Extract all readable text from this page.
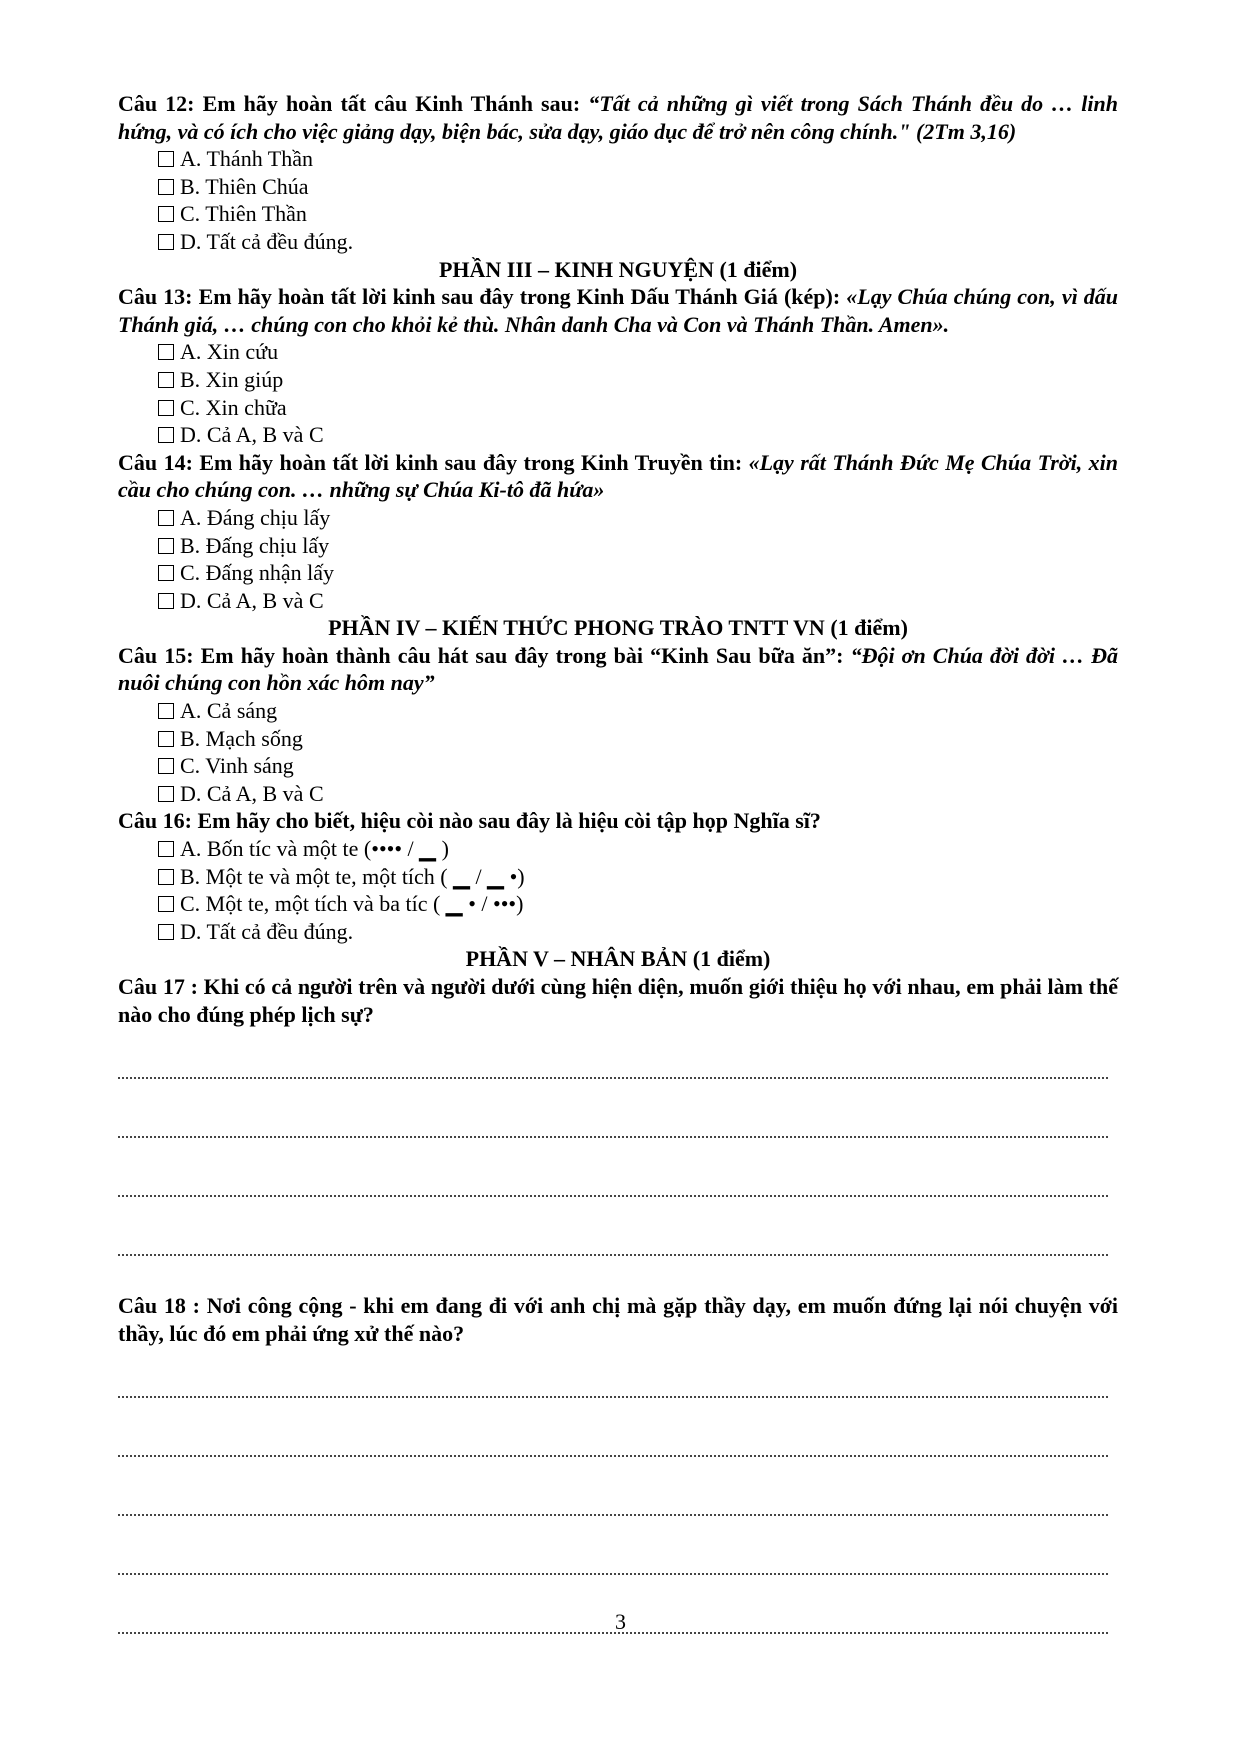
Câu 12: Em hãy hoàn tất câu Kinh Thánh sau: “Tất cả những gì viết trong Sách Thánh đều do … linh hứng, và có ích cho việc giảng dạy, biện bác, sửa dạy, giáo dục để trở nên công chính." (2Tm 3,16)
A. Thánh Thần
B. Thiên Chúa
C. Thiên Thần
D. Tất cả đều đúng.
PHẦN III – KINH NGUYỆN (1 điểm)
Câu 13: Em hãy hoàn tất lời kinh sau đây trong Kinh Dấu Thánh Giá (kép): «Lạy Chúa chúng con, vì dấu Thánh giá, … chúng con cho khỏi kẻ thù. Nhân danh Cha và Con và Thánh Thần. Amen».
A. Xin cứu
B. Xin giúp
C. Xin chữa
D. Cả A, B và C
Câu 14: Em hãy hoàn tất lời kinh sau đây trong Kinh Truyền tin: «Lạy rất Thánh Đức Mẹ Chúa Trời, xin cầu cho chúng con. … những sự Chúa Ki-tô đã hứa»
A. Đáng chịu lấy
B. Đấng chịu lấy
C. Đấng nhận lấy
D. Cả A, B và C
PHẦN IV – KIẾN THỨC PHONG TRÀO TNTT VN (1 điểm)
Câu 15: Em hãy hoàn thành câu hát sau đây trong bài “Kinh Sau bữa ăn”: “Đội ơn Chúa đời đời … Đã nuôi chúng con hồn xác hôm nay”
A. Cả sáng
B. Mạch sống
C. Vinh sáng
D. Cả A, B và C
Câu 16: Em hãy cho biết, hiệu còi nào sau đây là hiệu còi tập họp Nghĩa sĩ?
A. Bốn tíc và một te (•••• / ▁ )
B. Một te và một te, một tích ( ▁ / ▁ •)
C. Một te, một tích và ba tíc ( ▁ • / •••)
D. Tất cả đều đúng.
PHẦN V – NHÂN BẢN (1 điểm)
Câu 17 : Khi có cả người trên và người dưới cùng hiện diện, muốn giới thiệu họ với nhau, em phải làm thế nào cho đúng phép lịch sự?
Câu 18 : Nơi công cộng - khi em đang đi với anh chị mà gặp thầy dạy, em muốn đứng lại nói chuyện với thầy, lúc đó em phải ứng xử thế nào?
3
